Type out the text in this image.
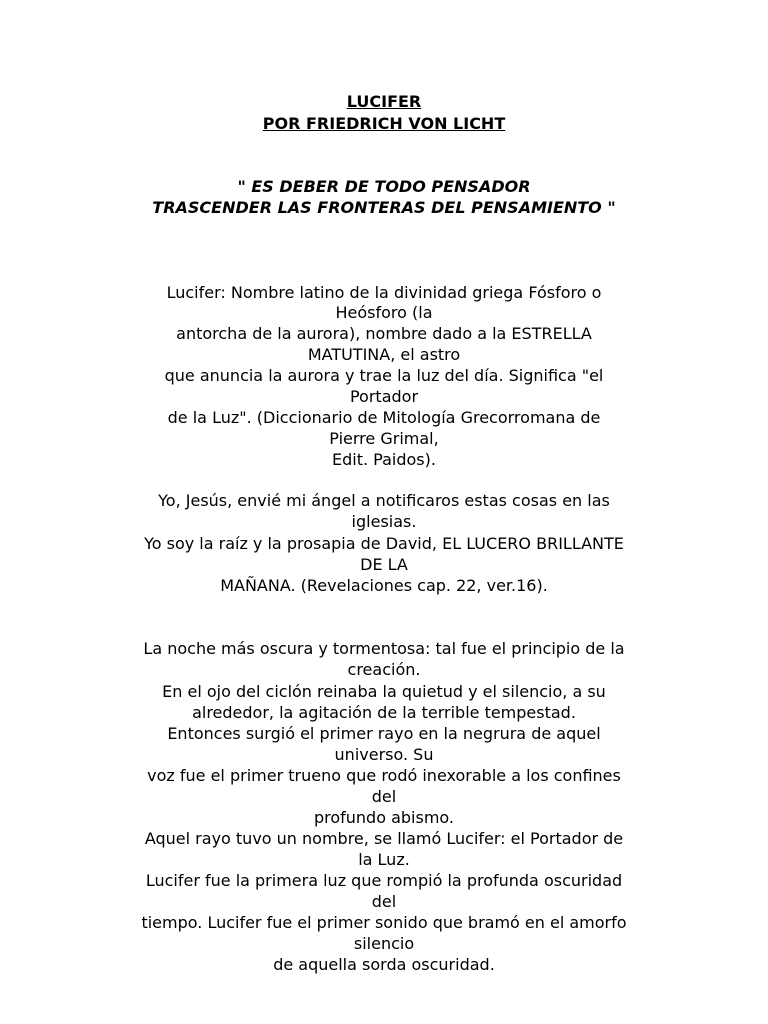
LUCIFER
POR FRIEDRICH VON LICHT
" ES DEBER DE TODO PENSADOR
TRASCENDER LAS FRONTERAS DEL PENSAMIENTO "
Lucifer: Nombre latino de la divinidad griega Fósforo o
Heósforo (la
antorcha de la aurora), nombre dado a la ESTRELLA
MATUTINA, el astro
que anuncia la aurora y trae la luz del día. Significa "el
Portador
de la Luz". (Diccionario de Mitología Grecorromana de
Pierre Grimal,
Edit. Paidos).
Yo, Jesús, envié mi ángel a notificaros estas cosas en las
iglesias.
Yo soy la raíz y la prosapia de David, EL LUCERO BRILLANTE
DE LA
MAÑANA. (Revelaciones cap. 22, ver.16).
La noche más oscura y tormentosa: tal fue el principio de la
creación.
En el ojo del ciclón reinaba la quietud y el silencio, a su
alrededor, la agitación de la terrible tempestad.
Entonces surgió el primer rayo en la negrura de aquel
universo. Su
voz fue el primer trueno que rodó inexorable a los confines
del
profundo abismo.
Aquel rayo tuvo un nombre, se llamó Lucifer: el Portador de
la Luz.
Lucifer fue la primera luz que rompió la profunda oscuridad
del
tiempo. Lucifer fue el primer sonido que bramó en el amorfo
silencio
de aquella sorda oscuridad.
